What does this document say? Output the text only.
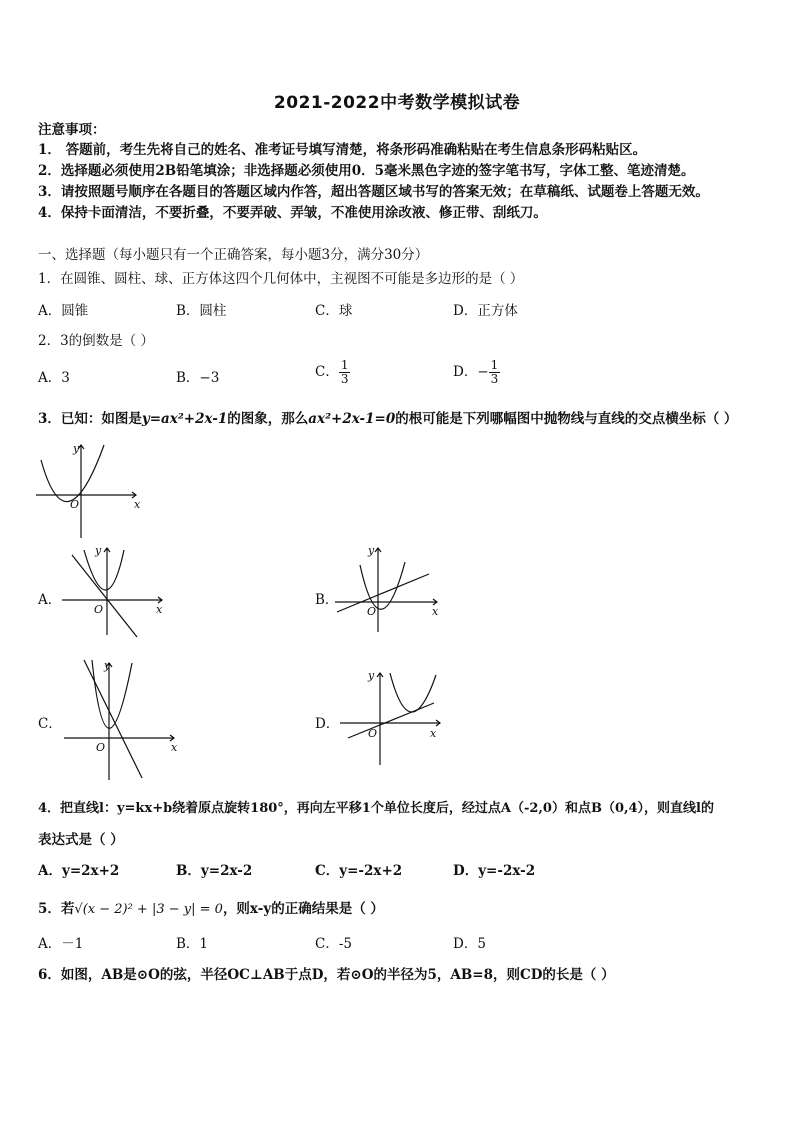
2021-2022中考数学模拟试卷
注意事项：
1． 答题前，考生先将自己的姓名、准考证号填写清楚，将条形码准确粘贴在考生信息条形码粘贴区。
2．选择题必须使用2B铅笔填涂；非选择题必须使用0．5毫米黑色字迹的签字笔书写，字体工整、笔迹清楚。
3．请按照题号顺序在各题目的答题区域内作答，超出答题区域书写的答案无效；在草稿纸、试题卷上答题无效。
4．保持卡面清洁，不要折叠，不要弄破、弄皱，不准使用涂改液、修正带、刮纸刀。
一、选择题（每小题只有一个正确答案，每小题3分，满分30分）
1．在圆锥、圆柱、球、正方体这四个几何体中，主视图不可能是多边形的是（ ）
A．圆锥	B．圆柱	C．球	D．正方体
2．3的倒数是（ ）
A．3	B．−3	C． $\frac{1}{3}$	D．− $\frac{1}{3}$
3．已知：如图是y=ax²+2x-1的图象，那么ax²+2x-1=0的根可能是下列哪幅图中抛物线与直线的交点横坐标（ ）
y
x
O
A．
y
x
O
B．
y
x
O
C．
y
x
O
D．
y
x
O
4．把直线l：y=kx+b绕着原点旋转180°，再向左平移1个单位长度后，经过点A（-2,0）和点B（0,4），则直线l的
表达式是（ ）
A．y=2x+2	B．y=2x-2	C．y=-2x+2	D．y=-2x-2
5．若√(x − 2)² + |3 − y| = 0，则x-y的正确结果是（ ）
A．－1	B．1	C．-5	D．5
6．如图，AB是⊙O的弦，半径OC⊥AB于点D，若⊙O的半径为5，AB=8，则CD的长是（ ）
